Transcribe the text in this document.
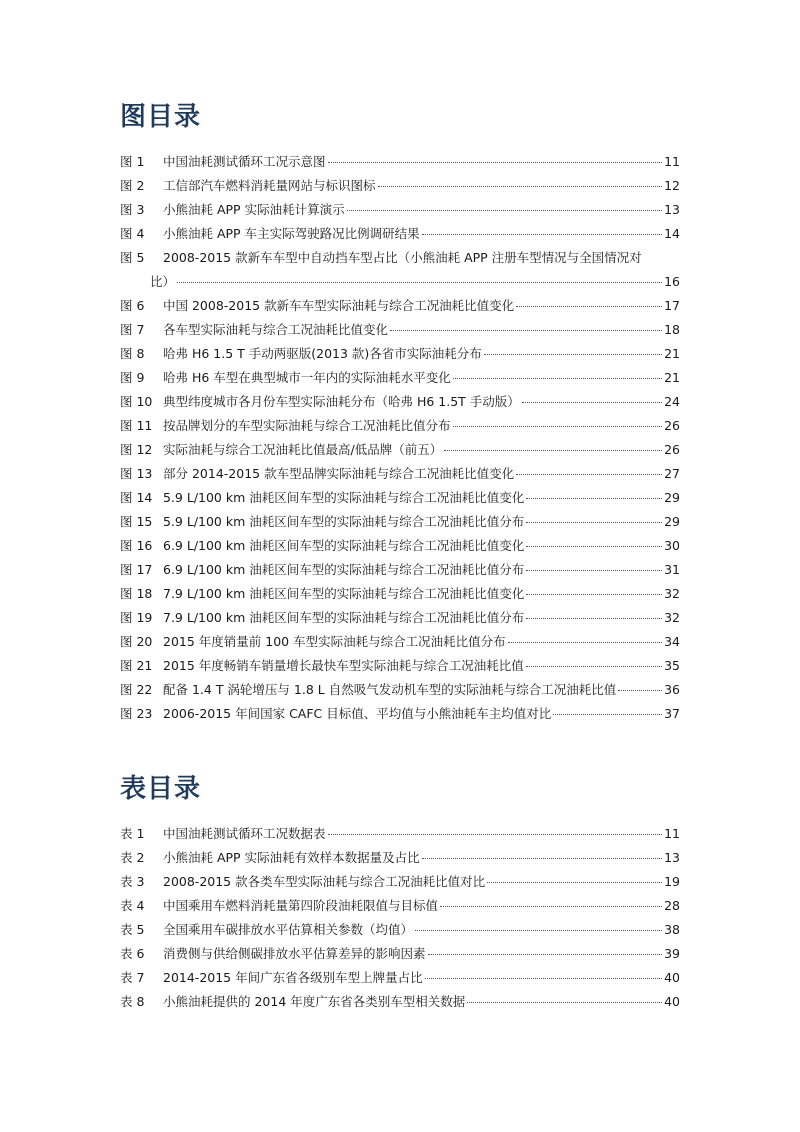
图目录
图 1	中国油耗测试循环工况示意图	11
图 2	工信部汽车燃料消耗量网站与标识图标	12
图 3	小熊油耗 APP 实际油耗计算演示	13
图 4	小熊油耗 APP 车主实际驾驶路况比例调研结果	14
图 5	2008-2015 款新车车型中自动挡车型占比（小熊油耗 APP 注册车型情况与全国情况对
比）	16
图 6	中国 2008-2015 款新车车型实际油耗与综合工况油耗比值变化	17
图 7	各车型实际油耗与综合工况油耗比值变化	18
图 8	哈弗 H6 1.5 T 手动两驱版(2013 款)各省市实际油耗分布	21
图 9	哈弗 H6 车型在典型城市一年内的实际油耗水平变化	21
图 10 典型纬度城市各月份车型实际油耗分布（哈弗 H6 1.5T 手动版）	24
图 11 按品牌划分的车型实际油耗与综合工况油耗比值分布	26
图 12 实际油耗与综合工况油耗比值最高/低品牌（前五）	26
图 13 部分 2014-2015 款车型品牌实际油耗与综合工况油耗比值变化	27
图 14 5.9 L/100 km 油耗区间车型的实际油耗与综合工况油耗比值变化	29
图 15 5.9 L/100 km 油耗区间车型的实际油耗与综合工况油耗比值分布	29
图 16 6.9 L/100 km 油耗区间车型的实际油耗与综合工况油耗比值变化	30
图 17 6.9 L/100 km 油耗区间车型的实际油耗与综合工况油耗比值分布	31
图 18 7.9 L/100 km 油耗区间车型的实际油耗与综合工况油耗比值变化	32
图 19 7.9 L/100 km 油耗区间车型的实际油耗与综合工况油耗比值分布	32
图 20 2015 年度销量前 100 车型实际油耗与综合工况油耗比值分布	34
图 21 2015 年度畅销车销量增长最快车型实际油耗与综合工况油耗比值	35
图 22 配备 1.4 T 涡轮增压与 1.8 L 自然吸气发动机车型的实际油耗与综合工况油耗比值	36
图 23 2006-2015 年间国家 CAFC 目标值、平均值与小熊油耗车主均值对比	37
表目录
表 1	中国油耗测试循环工况数据表	11
表 2	小熊油耗 APP 实际油耗有效样本数据量及占比	13
表 3	2008-2015 款各类车型实际油耗与综合工况油耗比值对比	19
表 4	中国乘用车燃料消耗量第四阶段油耗限值与目标值	28
表 5	全国乘用车碳排放水平估算相关参数（均值）	38
表 6	消费侧与供给侧碳排放水平估算差异的影响因素	39
表 7	2014-2015 年间广东省各级别车型上牌量占比	40
表 8	小熊油耗提供的 2014 年度广东省各类别车型相关数据	40
